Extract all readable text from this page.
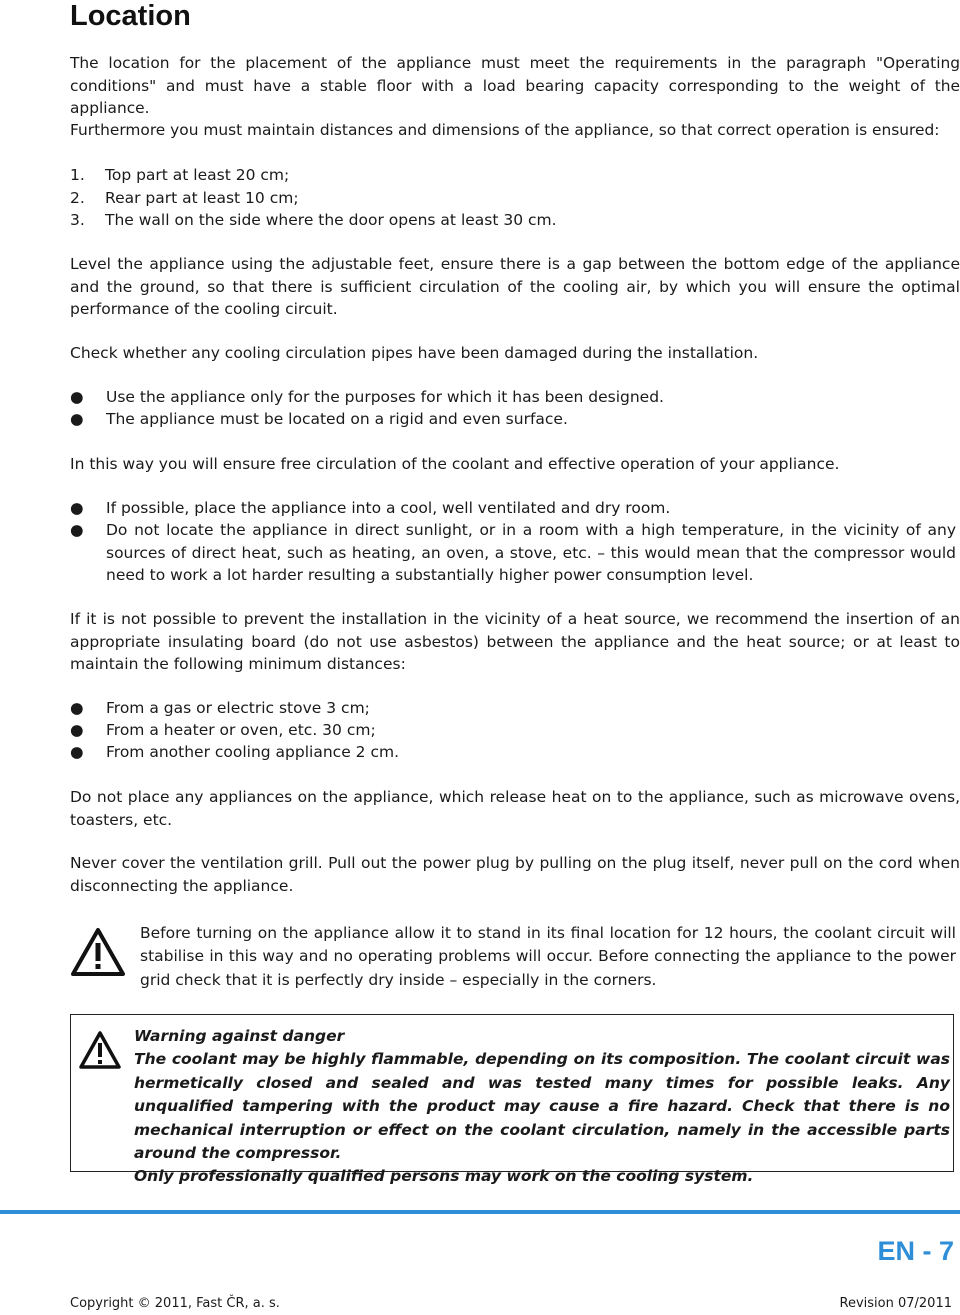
Location

The location for the placement of the appliance must meet the requirements in the paragraph "Operating conditions" and must have a stable floor with a load bearing capacity corresponding to the weight of the appliance.

Furthermore you must maintain distances and dimensions of the appliance, so that correct operation is ensured:

1. Top part at least 20 cm;
2. Rear part at least 10 cm;
3. The wall on the side where the door opens at least 30 cm.

Level the appliance using the adjustable feet, ensure there is a gap between the bottom edge of the appliance and the ground, so that there is sufficient circulation of the cooling air, by which you will ensure the optimal performance of the cooling circuit.

Check whether any cooling circulation pipes have been damaged during the installation.

● Use the appliance only for the purposes for which it has been designed.
● The appliance must be located on a rigid and even surface.

In this way you will ensure free circulation of the coolant and effective operation of your appliance.

● If possible, place the appliance into a cool, well ventilated and dry room.
● Do not locate the appliance in direct sunlight, or in a room with a high temperature, in the vicinity of any sources of direct heat, such as heating, an oven, a stove, etc. – this would mean that the compressor would need to work a lot harder resulting a substantially higher power consumption level.

If it is not possible to prevent the installation in the vicinity of a heat source, we recommend the insertion of an appropriate insulating board (do not use asbestos) between the appliance and the heat source; or at least to maintain the following minimum distances:

● From a gas or electric stove 3 cm;
● From a heater or oven, etc. 30 cm;
● From another cooling appliance 2 cm.

Do not place any appliances on the appliance, which release heat on to the appliance, such as microwave ovens, toasters, etc.

Never cover the ventilation grill. Pull out the power plug by pulling on the plug itself, never pull on the cord when disconnecting the appliance.

Before turning on the appliance allow it to stand in its final location for 12 hours, the coolant circuit will stabilise in this way and no operating problems will occur. Before connecting the appliance to the power grid check that it is perfectly dry inside – especially in the corners.

Warning against danger
The coolant may be highly flammable, depending on its composition. The coolant circuit was hermetically closed and sealed and was tested many times for possible leaks. Any unqualified tampering with the product may cause a fire hazard. Check that there is no mechanical interruption or effect on the coolant circulation, namely in the accessible parts around the compressor.
Only professionally qualified persons may work on the cooling system.
EN - 7
Copyright © 2011, Fast ČR, a. s.	Revision 07/2011
